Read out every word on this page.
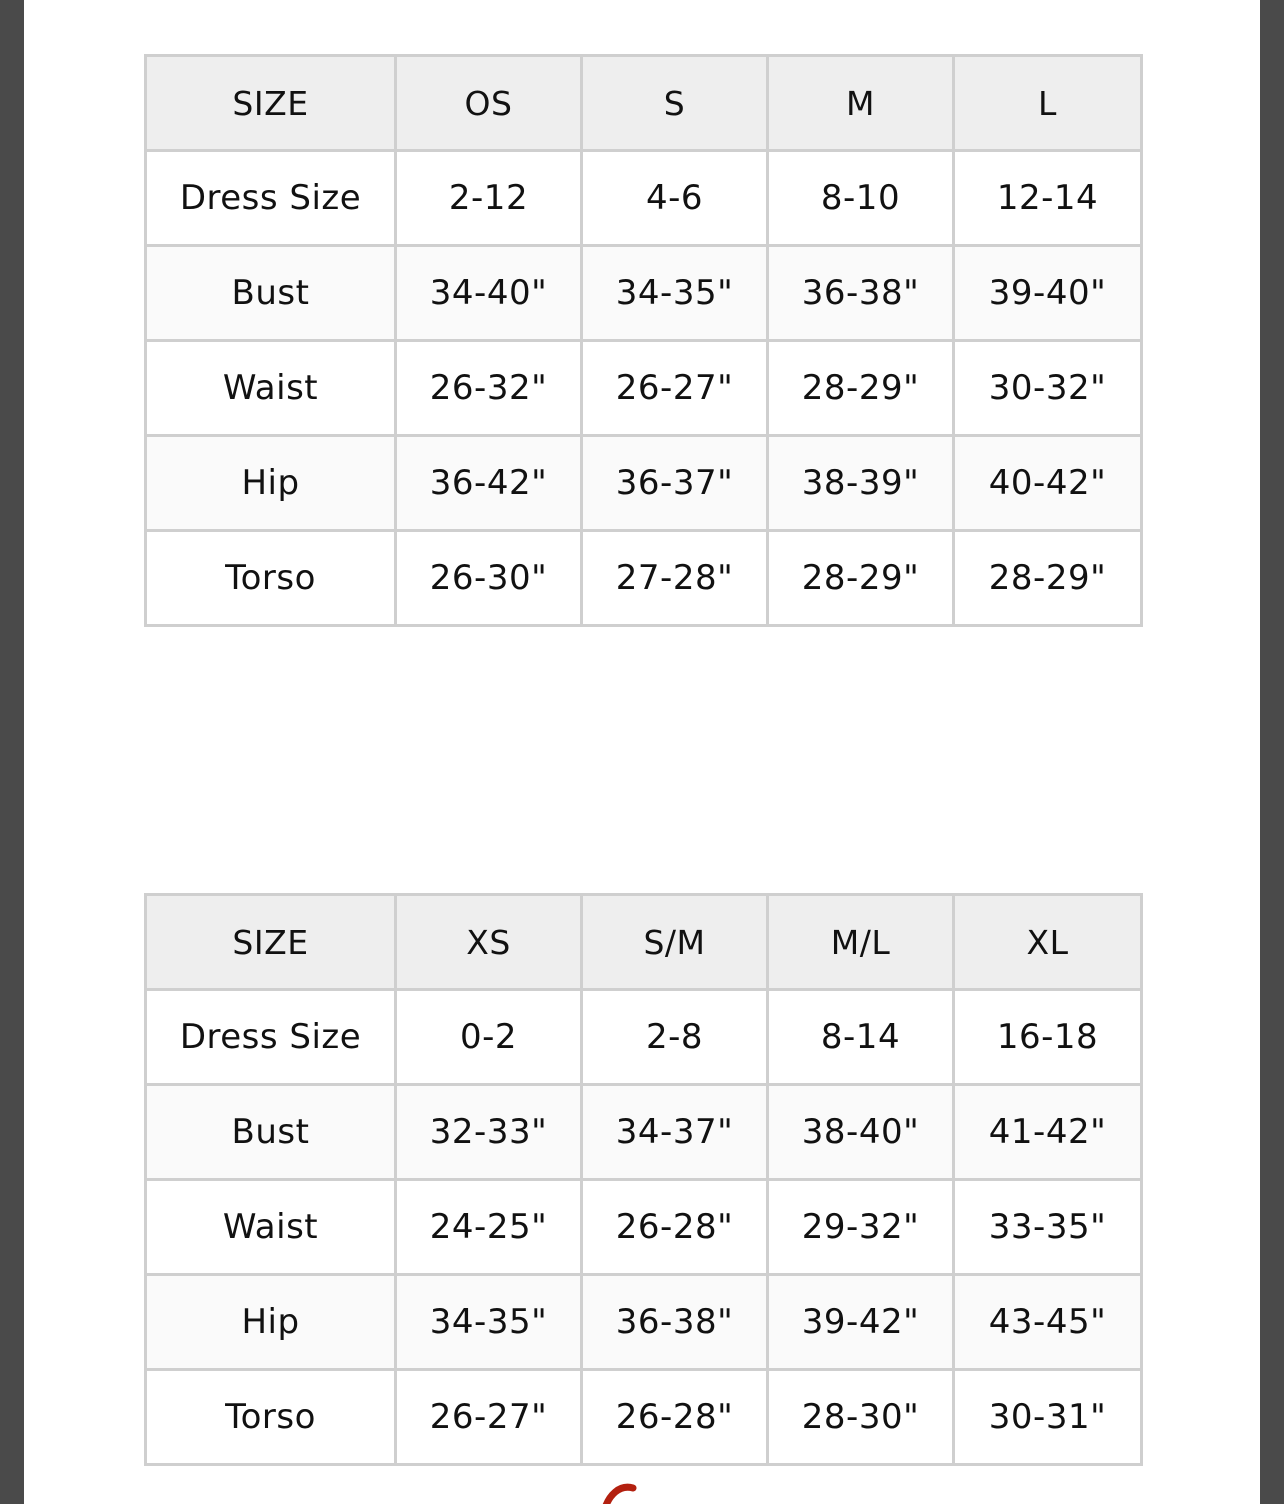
SIZE	OS	S	M	L
Dress Size	2-12	4-6	8-10	12-14
Bust	34-40"	34-35"	36-38"	39-40"
Waist	26-32"	26-27"	28-29"	30-32"
Hip	36-42"	36-37"	38-39"	40-42"
Torso	26-30"	27-28"	28-29"	28-29"
SIZE	XS	S/M	M/L	XL
Dress Size	0-2	2-8	8-14	16-18
Bust	32-33"	34-37"	38-40"	41-42"
Waist	24-25"	26-28"	29-32"	33-35"
Hip	34-35"	36-38"	39-42"	43-45"
Torso	26-27"	26-28"	28-30"	30-31"
